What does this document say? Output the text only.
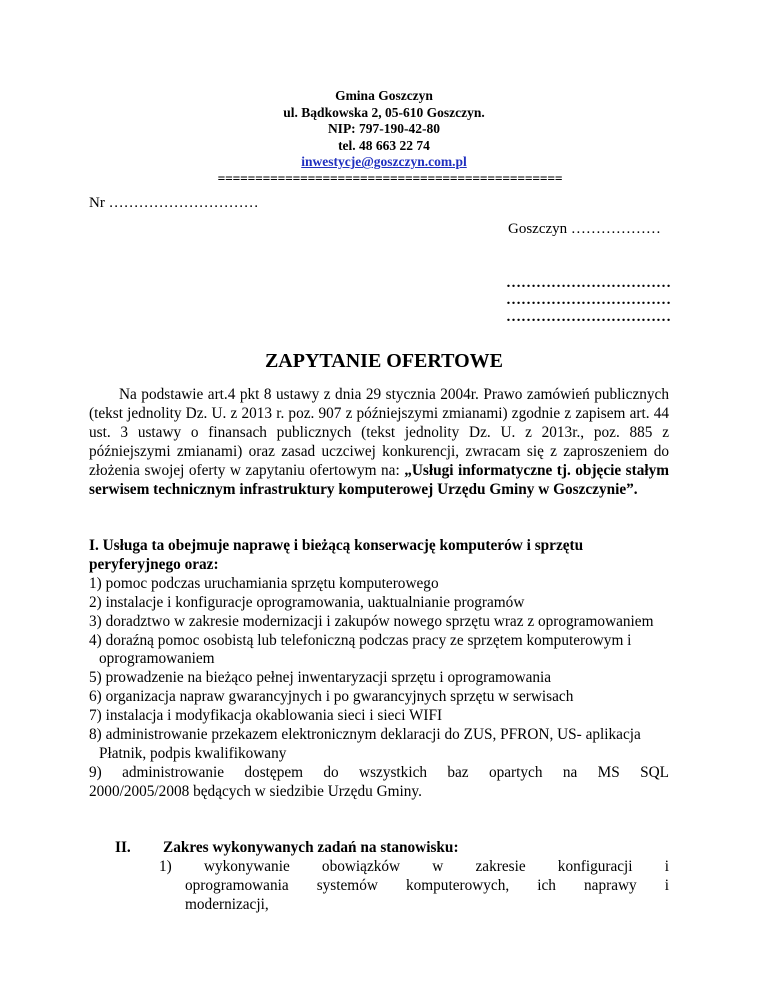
Gmina Goszczyn
ul. Bądkowska 2, 05-610 Goszczyn.
NIP: 797-190-42-80
tel. 48 663 22 74
inwestycje@goszczyn.com.pl
==============================================
Nr …………………………
Goszczyn ………………
……………………………
……………………………
……………………………
ZAPYTANIE OFERTOWE
Na podstawie art.4 pkt 8 ustawy z dnia 29 stycznia 2004r. Prawo zamówień publicznych (tekst jednolity Dz. U. z 2013 r. poz. 907 z późniejszymi zmianami) zgodnie z zapisem art. 44 ust. 3 ustawy o finansach publicznych (tekst jednolity Dz. U. z 2013r., poz. 885 z późniejszymi zmianami) oraz zasad uczciwej konkurencji, zwracam się z zaproszeniem do złożenia swojej oferty w zapytaniu ofertowym na: „Usługi informatyczne tj. objęcie stałym serwisem technicznym infrastruktury komputerowej Urzędu Gminy w Goszczynie”.
I. Usługa ta obejmuje naprawę i bieżącą konserwację komputerów i sprzętu peryferyjnego oraz:
1) pomoc podczas uruchamiania sprzętu komputerowego
2) instalacje i konfiguracje oprogramowania, uaktualnianie programów
3) doradztwo w zakresie modernizacji i zakupów nowego sprzętu wraz z oprogramowaniem
4) doraźną pomoc osobistą lub telefoniczną podczas pracy ze sprzętem komputerowym i oprogramowaniem
5) prowadzenie na bieżąco pełnej inwentaryzacji sprzętu i oprogramowania
6) organizacja napraw gwarancyjnych i po gwarancyjnych sprzętu w serwisach
7) instalacja i modyfikacja okablowania sieci i sieci WIFI
8) administrowanie przekazem elektronicznym deklaracji do ZUS, PFRON, US- aplikacja Płatnik, podpis kwalifikowany
9) administrowanie dostępem do wszystkich baz opartych na MS SQL
2000/2005/2008 będących w siedzibie Urzędu Gminy.
II. Zakres wykonywanych zadań na stanowisku:
1) wykonywanie obowiązków w zakresie konfiguracji i
oprogramowania systemów komputerowych, ich naprawy i
modernizacji,
